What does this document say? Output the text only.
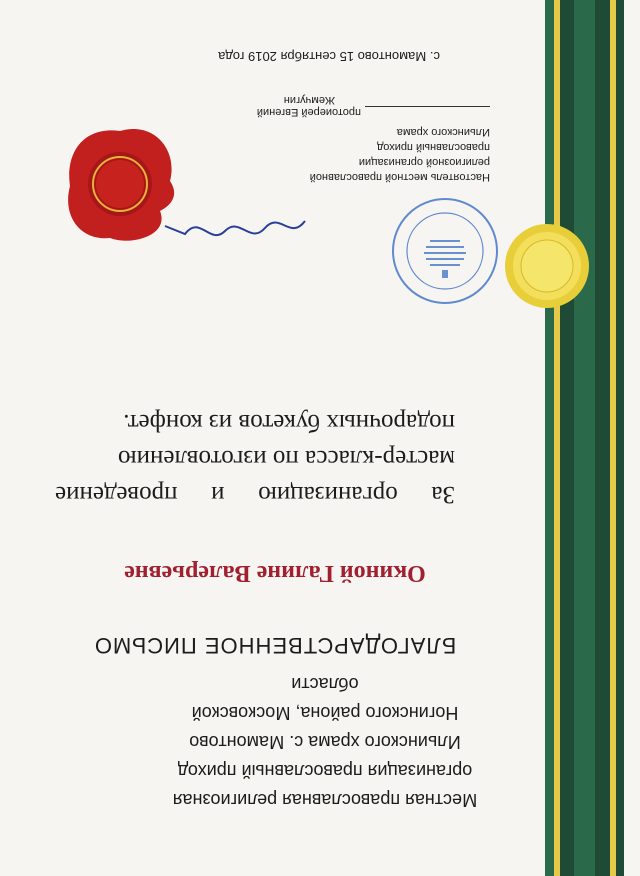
Местная православная религиозная
организация православный приход
Ильинского храма с. Мамонтово
Ногинского района, Московской
области
БЛАГОДАРСТВЕННОЕ ПИСЬМО
Окиной Галине Валерьевне
За организацию и проведение
мастер-класса по изготовлению
подарочных букетов из конфет.
Настоятель местной православной
религиозной организации
православный приход
Ильинского храма
протоиерей Евгений
Жемчугин
с. Мамонтово 15 сентября 2019 года
